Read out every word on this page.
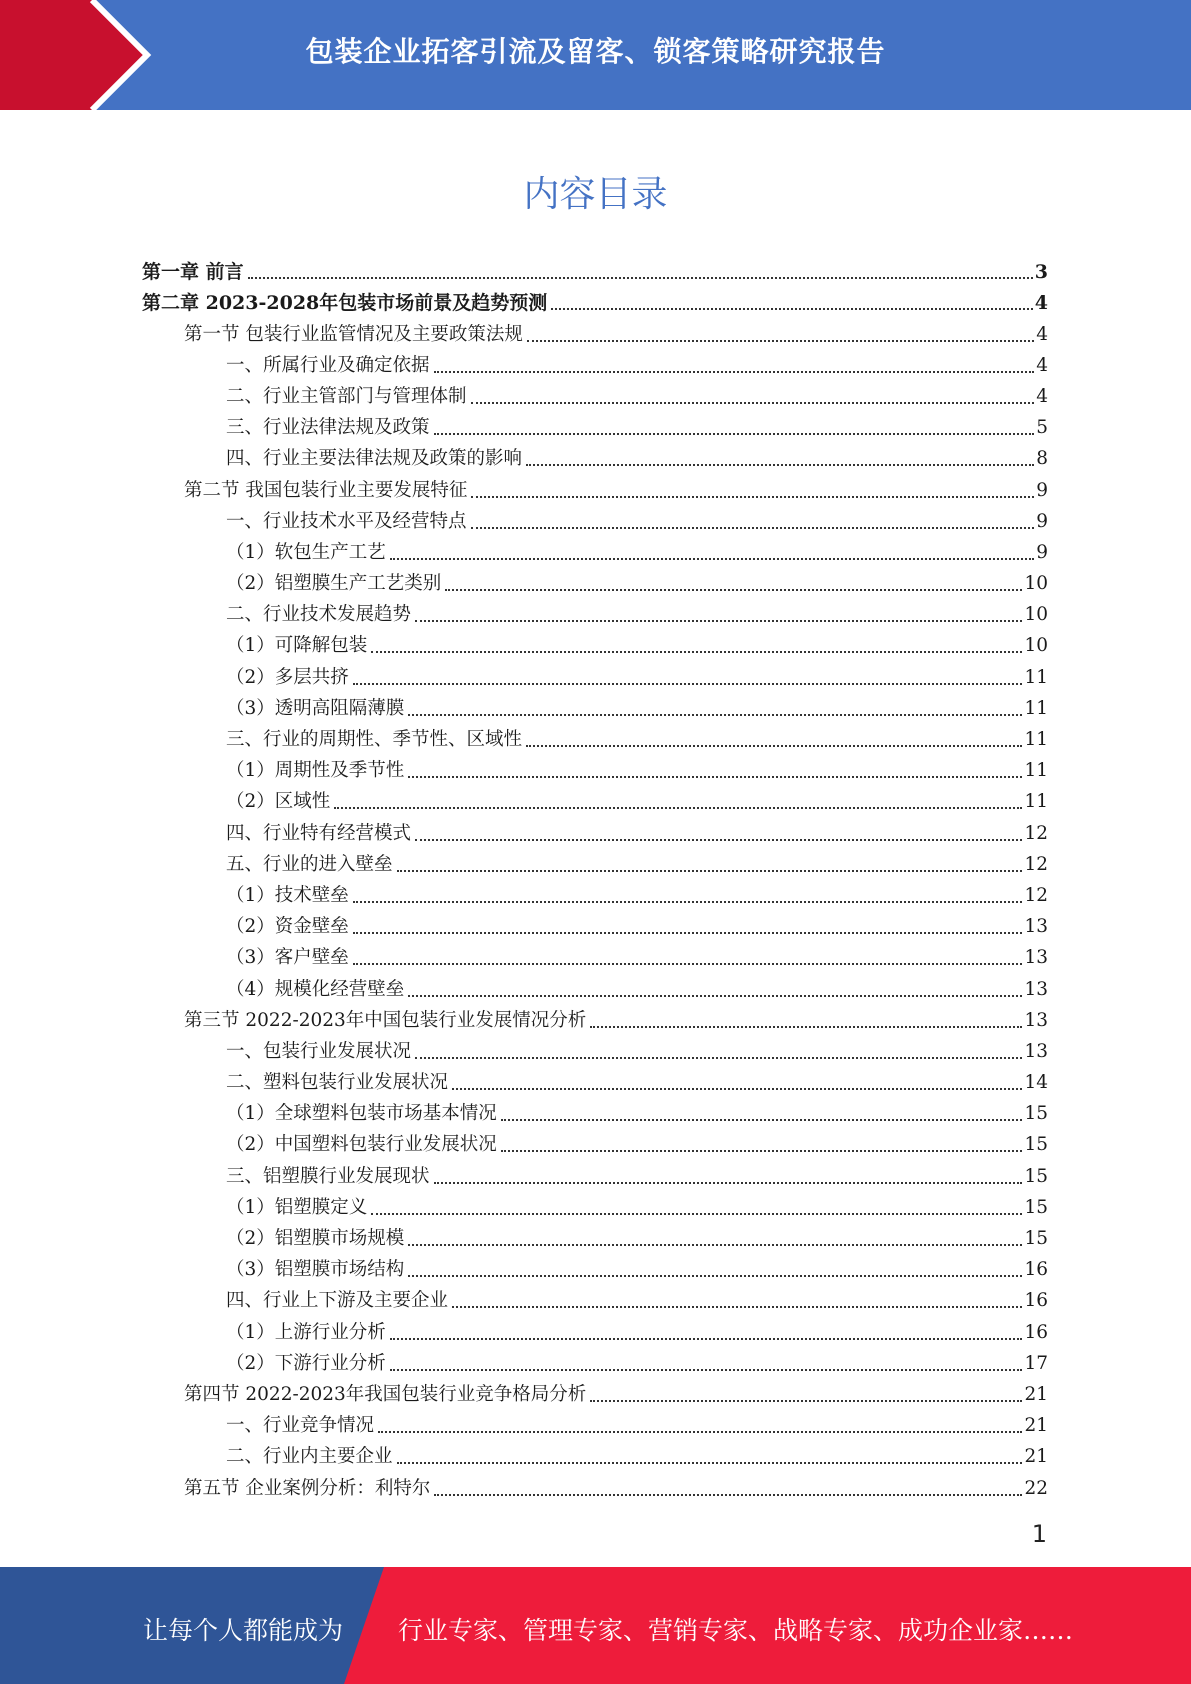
包装企业拓客引流及留客、锁客策略研究报告
内容目录
第一章 前言	3
第二章 2023-2028年包装市场前景及趋势预测	4
第一节 包装行业监管情况及主要政策法规	4
一、所属行业及确定依据	4
二、行业主管部门与管理体制	4
三、行业法律法规及政策	5
四、行业主要法律法规及政策的影响	8
第二节 我国包装行业主要发展特征	9
一、行业技术水平及经营特点	9
（1）软包生产工艺	9
（2）铝塑膜生产工艺类别	10
二、行业技术发展趋势	10
（1）可降解包装	10
（2）多层共挤	11
（3）透明高阻隔薄膜	11
三、行业的周期性、季节性、区域性	11
（1）周期性及季节性	11
（2）区域性	11
四、行业特有经营模式	12
五、行业的进入壁垒	12
（1）技术壁垒	12
（2）资金壁垒	13
（3）客户壁垒	13
（4）规模化经营壁垒	13
第三节 2022-2023年中国包装行业发展情况分析	13
一、包装行业发展状况	13
二、塑料包装行业发展状况	14
（1）全球塑料包装市场基本情况	15
（2）中国塑料包装行业发展状况	15
三、铝塑膜行业发展现状	15
（1）铝塑膜定义	15
（2）铝塑膜市场规模	15
（3）铝塑膜市场结构	16
四、行业上下游及主要企业	16
（1）上游行业分析	16
（2）下游行业分析	17
第四节 2022-2023年我国包装行业竞争格局分析	21
一、行业竞争情况	21
二、行业内主要企业	21
第五节 企业案例分析：利特尔	22
1
让每个人都能成为 行业专家、管理专家、营销专家、战略专家、成功企业家……
